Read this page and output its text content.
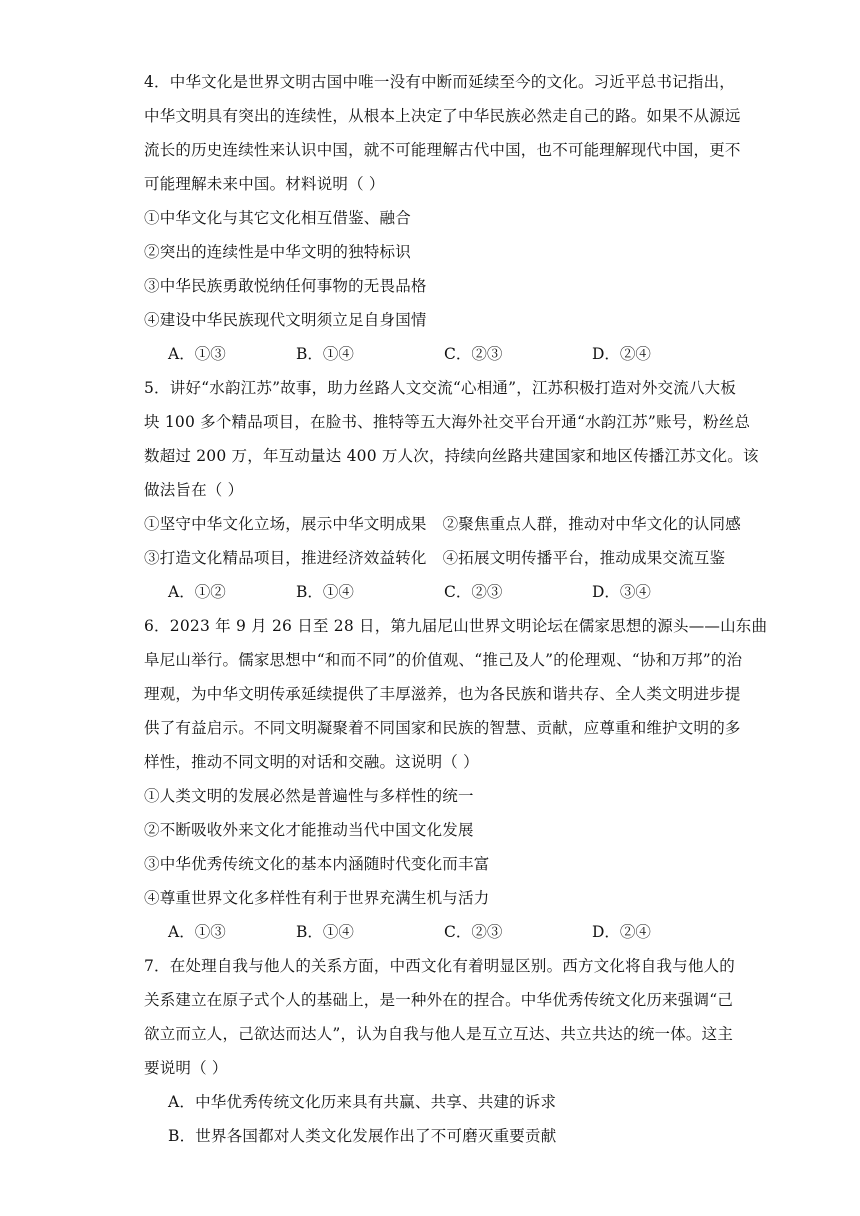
4．中华文化是世界文明古国中唯一没有中断而延续至今的文化。习近平总书记指出，
中华文明具有突出的连续性，从根本上决定了中华民族必然走自己的路。如果不从源远
流长的历史连续性来认识中国，就不可能理解古代中国，也不可能理解现代中国，更不
可能理解未来中国。材料说明（ ）
①中华文化与其它文化相互借鉴、融合
②突出的连续性是中华文明的独特标识
③中华民族勇敢悦纳任何事物的无畏品格
④建设中华民族现代文明须立足自身国情
A．①③	B．①④	C．②③	D．②④
5．讲好“水韵江苏”故事，助力丝路人文交流“心相通”，江苏积极打造对外交流八大板
块 100 多个精品项目，在脸书、推特等五大海外社交平台开通“水韵江苏”账号，粉丝总
数超过 200 万，年互动量达 400 万人次，持续向丝路共建国家和地区传播江苏文化。该
做法旨在（ ）
①坚守中华文化立场，展示中华文明成果 ②聚焦重点人群，推动对中华文化的认同感
③打造文化精品项目，推进经济效益转化 ④拓展文明传播平台，推动成果交流互鉴
A．①②	B．①④	C．②③	D．③④
6．2023 年 9 月 26 日至 28 日，第九届尼山世界文明论坛在儒家思想的源头——山东曲
阜尼山举行。儒家思想中“和而不同”的价值观、“推己及人”的伦理观、“协和万邦”的治
理观，为中华文明传承延续提供了丰厚滋养，也为各民族和谐共存、全人类文明进步提
供了有益启示。不同文明凝聚着不同国家和民族的智慧、贡献，应尊重和维护文明的多
样性，推动不同文明的对话和交融。这说明（ ）
①人类文明的发展必然是普遍性与多样性的统一
②不断吸收外来文化才能推动当代中国文化发展
③中华优秀传统文化的基本内涵随时代变化而丰富
④尊重世界文化多样性有利于世界充满生机与活力
A．①③	B．①④	C．②③	D．②④
7．在处理自我与他人的关系方面，中西文化有着明显区别。西方文化将自我与他人的
关系建立在原子式个人的基础上，是一种外在的捏合。中华优秀传统文化历来强调“己
欲立而立人，己欲达而达人”，认为自我与他人是互立互达、共立共达的统一体。这主
要说明（ ）
A．中华优秀传统文化历来具有共赢、共享、共建的诉求
B．世界各国都对人类文化发展作出了不可磨灭重要贡献
